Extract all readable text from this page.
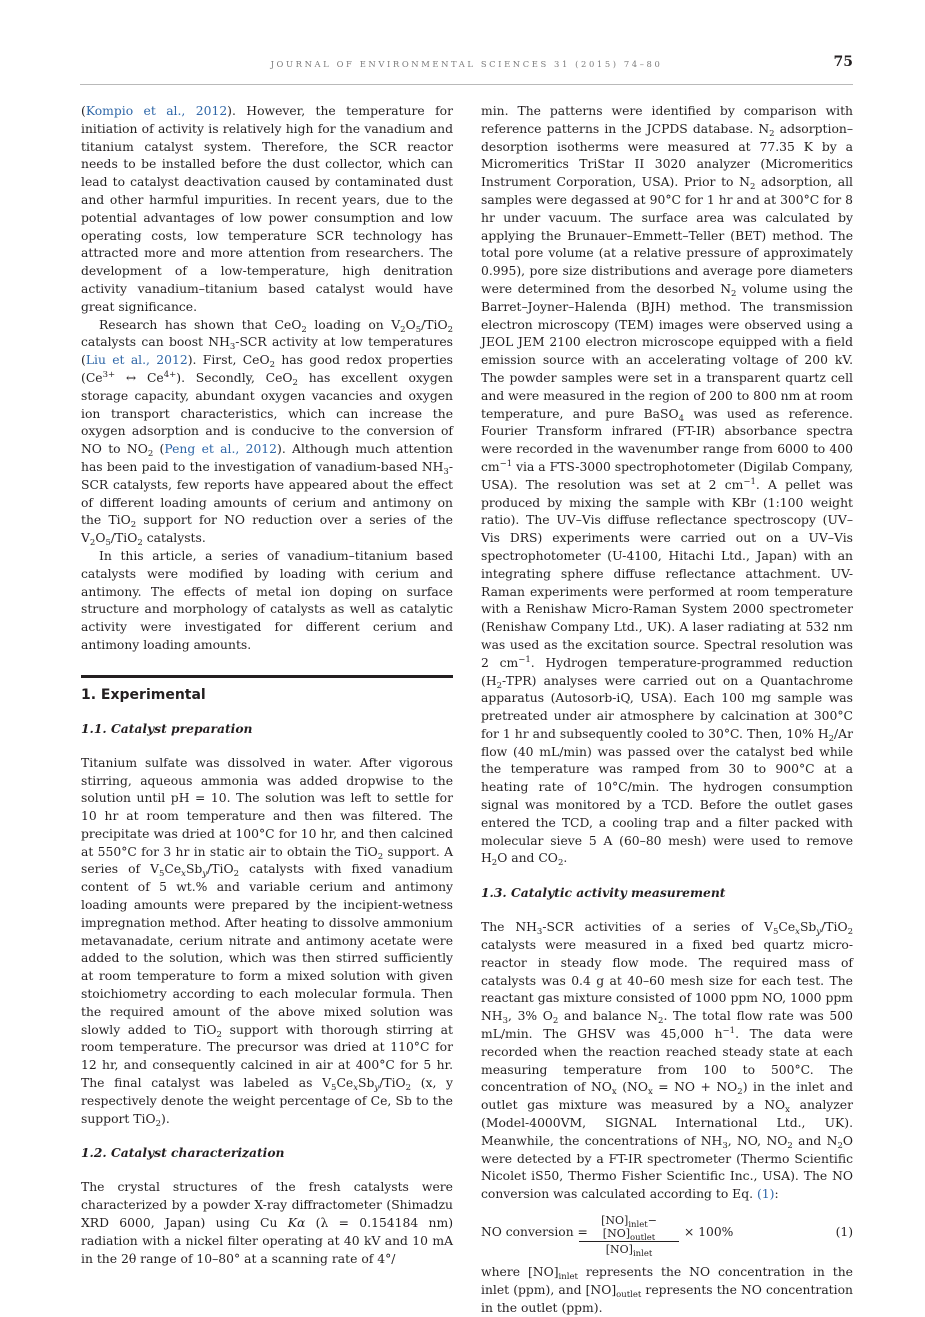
JOURNAL OF ENVIRONMENTAL SCIENCES 31 (2015) 74–80	75

(Kompio et al., 2012). However, the temperature for initiation of activity is relatively high for the vanadium and titanium catalyst system. Therefore, the SCR reactor needs to be installed before the dust collector, which can lead to catalyst deactivation caused by contaminated dust and other harmful impurities. In recent years, due to the potential advantages of low power consumption and low operating costs, low temperature SCR technology has attracted more and more attention from researchers. The development of a low-temperature, high denitration activity vanadium–titanium based catalyst would have great significance.

Research has shown that CeO$_2$ loading on $V_2O_5/TiO_2$ catalysts can boost $NH_3$-SCR activity at low temperatures (Liu et al., 2012). First, CeO$_2$ has good redox properties ($Ce^{3+}$ ↔ $Ce^{4+}$). Secondly, CeO$_2$ has excellent oxygen storage capacity, abundant oxygen vacancies and oxygen ion transport characteristics, which can increase the oxygen adsorption and is conducive to the conversion of NO to $NO_2$ (Peng et al., 2012). Although much attention has been paid to the investigation of vanadium-based $NH_3$-SCR catalysts, few reports have appeared about the effect of different loading amounts of cerium and antimony on the TiO$_2$ support for NO reduction over a series of the $V_2O_5/TiO_2$ catalysts.

In this article, a series of vanadium–titanium based catalysts were modified by loading with cerium and antimony. The effects of metal ion doping on surface structure and morphology of catalysts as well as catalytic activity were investigated for different cerium and antimony loading amounts.

1. Experimental
1.1. Catalyst preparation

Titanium sulfate was dissolved in water. After vigorous stirring, aqueous ammonia was added dropwise to the solution until pH = 10. The solution was left to settle for 10 hr at room temperature and then was filtered. The precipitate was dried at 100°C for 10 hr, and then calcined at 550°C for 3 hr in static air to obtain the TiO$_2$ support. A series of $V_5Ce_xSb_y/TiO_2$ catalysts with fixed vanadium content of 5 wt.% and variable cerium and antimony loading amounts were prepared by the incipient-wetness impregnation method. After heating to dissolve ammonium metavanadate, cerium nitrate and antimony acetate were added to the solution, which was then stirred sufficiently at room temperature to form a mixed solution with given stoichiometry according to each molecular formula. Then the required amount of the above mixed solution was slowly added to TiO$_2$ support with thorough stirring at room temperature. The precursor was dried at 110°C for 12 hr, and consequently calcined in air at 400°C for 5 hr. The final catalyst was labeled as $V_5Ce_xSb_y/TiO_2$ (x, y respectively denote the weight percentage of Ce, Sb to the support TiO$_2$).

1.2. Catalyst characterization

The crystal structures of the fresh catalysts were characterized by a powder X-ray diffractometer (Shimadzu XRD 6000, Japan) using Cu Kα (λ = 0.154184 nm) radiation with a nickel filter operating at 40 kV and 10 mA in the 2θ range of 10–80° at a scanning rate of 4°/

min. The patterns were identified by comparison with reference patterns in the JCPDS database. $N_2$ adsorption–desorption isotherms were measured at 77.35 K by a Micromeritics TriStar II 3020 analyzer (Micromeritics Instrument Corporation, USA). Prior to $N_2$ adsorption, all samples were degassed at 90°C for 1 hr and at 300°C for 8 hr under vacuum. The surface area was calculated by applying the Brunauer–Emmett–Teller (BET) method. The total pore volume (at a relative pressure of approximately 0.995), pore size distributions and average pore diameters were determined from the desorbed $N_2$ volume using the Barret–Joyner–Halenda (BJH) method. The transmission electron microscopy (TEM) images were observed using a JEOL JEM 2100 electron microscope equipped with a field emission source with an accelerating voltage of 200 kV. The powder samples were set in a transparent quartz cell and were measured in the region of 200 to 800 nm at room temperature, and pure BaSO$_4$ was used as reference. Fourier Transform infrared (FT-IR) absorbance spectra were recorded in the wavenumber range from 6000 to 400 $cm^{-1}$ via a FTS-3000 spectrophotometer (Digilab Company, USA). The resolution was set at 2 $cm^{-1}$. A pellet was produced by mixing the sample with KBr (1:100 weight ratio). The UV–Vis diffuse reflectance spectroscopy (UV–Vis DRS) experiments were carried out on a UV–Vis spectrophotometer (U-4100, Hitachi Ltd., Japan) with an integrating sphere diffuse reflectance attachment. UV-Raman experiments were performed at room temperature with a Renishaw Micro-Raman System 2000 spectrometer (Renishaw Company Ltd., UK). A laser radiating at 532 nm was used as the excitation source. Spectral resolution was 2 $cm^{-1}$. Hydrogen temperature-programmed reduction $(H_2-TPR)$ analyses were carried out on a Quantachrome apparatus (Autosorb-iQ, USA). Each 100 mg sample was pretreated under air atmosphere by calcination at 300°C for 1 hr and subsequently cooled to 30°C. Then, 10% $H_2/Ar$ flow (40 mL/min) was passed over the catalyst bed while the temperature was ramped from 30 to 900°C at a heating rate of 10°C/min. The hydrogen consumption signal was monitored by a TCD. Before the outlet gases entered the TCD, a cooling trap and a filter packed with molecular sieve 5 A (60–80 mesh) were used to remove $H_2O$ and $CO_2$.

1.3. Catalytic activity measurement

The $NH_3$-SCR activities of a series of $V_5Ce_xSb_y/TiO_2$ catalysts were measured in a fixed bed quartz micro-reactor in steady flow mode. The required mass of catalysts was 0.4 g at 40–60 mesh size for each test. The reactant gas mixture consisted of 1000 ppm NO, 1000 ppm $NH_3$, 3% $O_2$ and balance $N_2$. The total flow rate was 500 mL/min. The GHSV was 45,000 $h^{-1}$. The data were recorded when the reaction reached steady state at each measuring temperature from 100 to 500°C. The concentration of $NO_x$ ($NO_x$ = NO + $NO_2$) in the inlet and outlet gas mixture was measured by a $NO_x$ analyzer (Model-4000VM, SIGNAL International Ltd., UK). Meanwhile, the concentrations of $NH_3$, NO, $NO_2$ and $N_2O$ were detected by a FT-IR spectrometer (Thermo Scientific Nicolet iS50, Thermo Fisher Scientific Inc., USA). The NO conversion was calculated according to Eq. (1):

NO conversion =
$[NO]_{inlet}-[NO]_{outlet}$
$[NO]_{inlet}$
× 100%	(1)

where $[NO]_{inlet}$ represents the NO concentration in the inlet (ppm), and $[NO]_{outlet}$ represents the NO concentration in the outlet (ppm).
